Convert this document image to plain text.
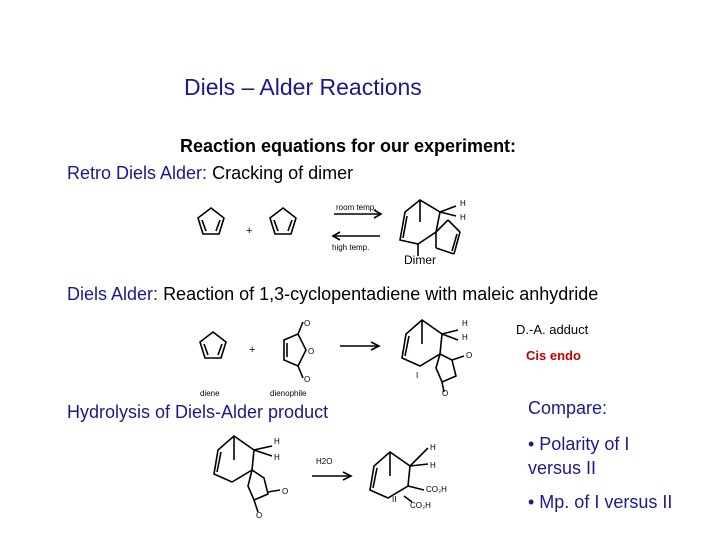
Diels – Alder Reactions
Reaction equations for our experiment:
Retro Diels Alder: Cracking of dimer
Diels Alder: Reaction of 1,3-cyclopentadiene with maleic anhydride
D.-A. adduct
Cis endo
Hydrolysis of Diels-Alder product	Compare:
• Polarity of I versus II
• Mp. of I versus II
+
+
room temp.
high temp.
H
H
O
O
O
diene	dienophile
H
H
O
O
I
H
H
O
O
H2O
H
H
CO₂H
CO₂H
II
Dimer
